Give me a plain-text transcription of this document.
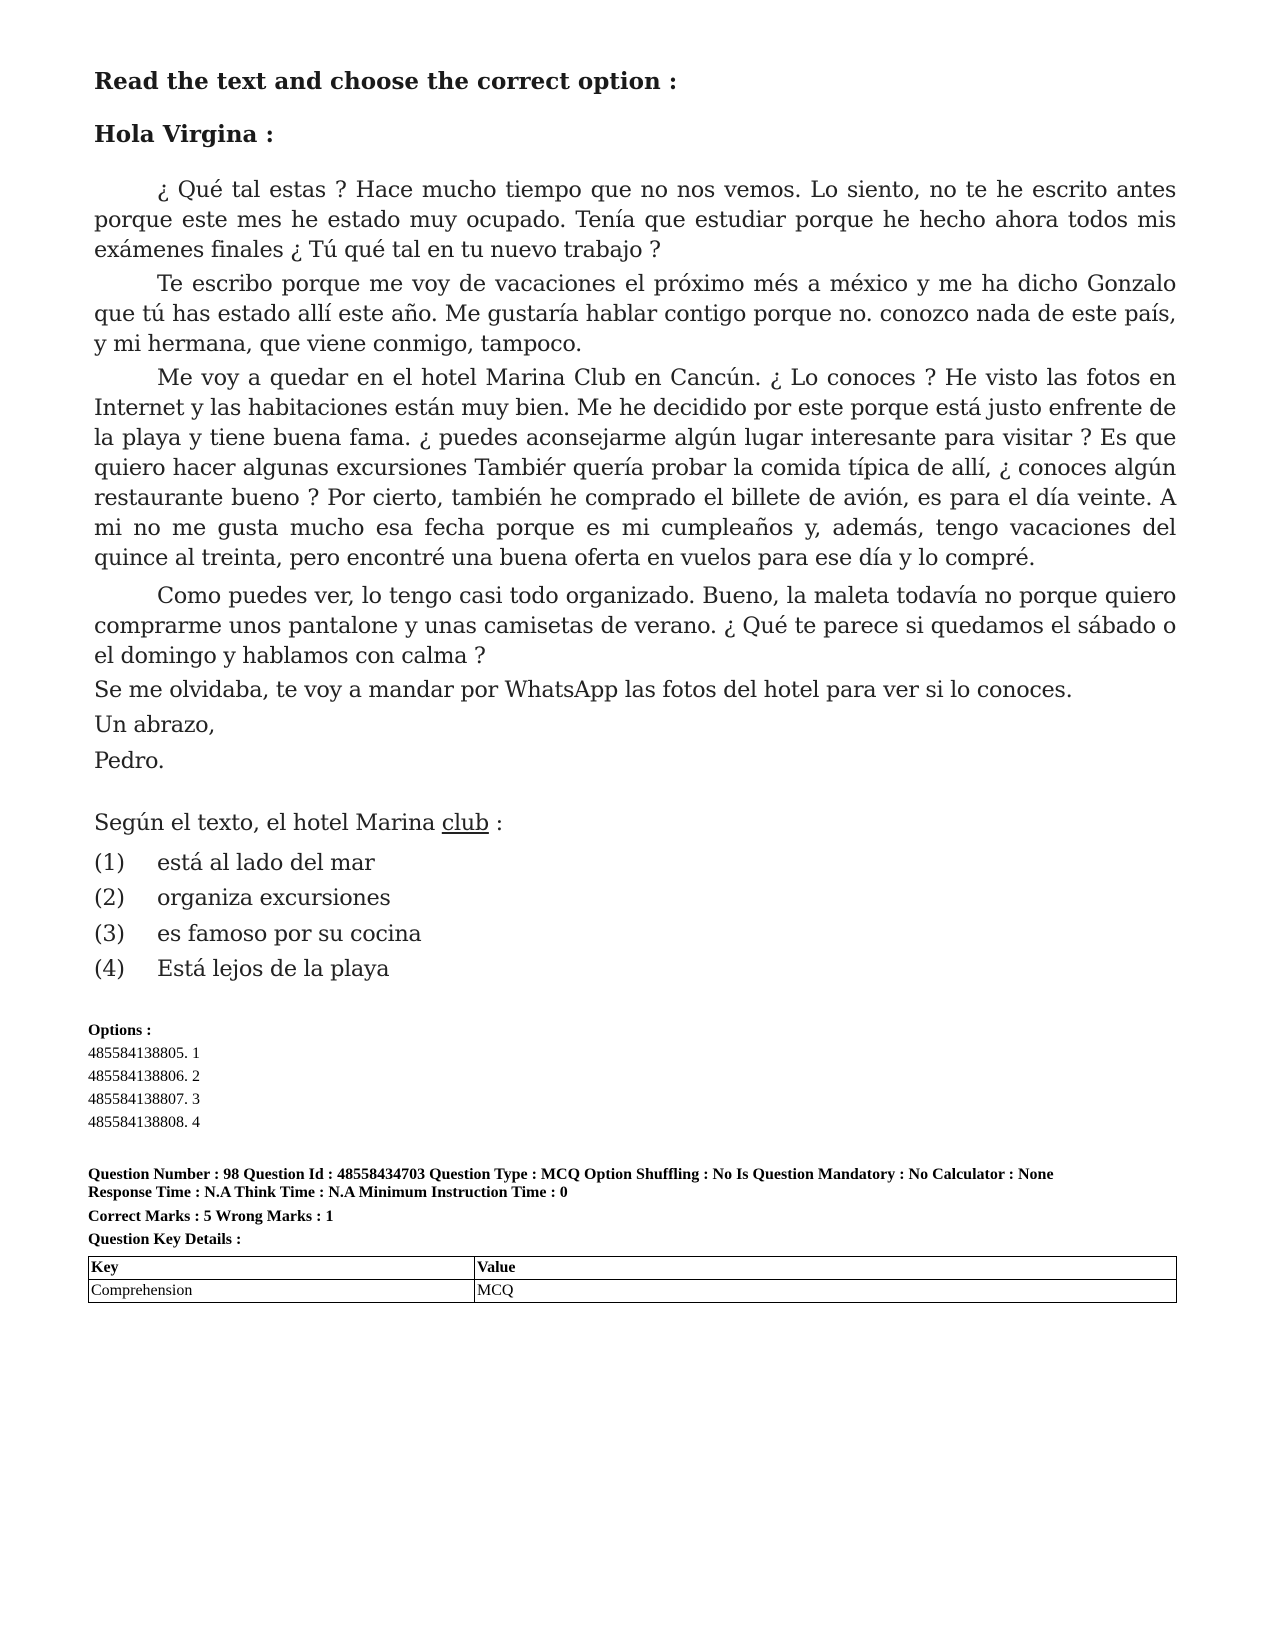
Read the text and choose the correct option :
Hola Virgina :

¿ Qué tal estas ? Hace mucho tiempo que no nos vemos. Lo siento, no te he escrito antes porque este mes he estado muy ocupado. Tenía que estudiar porque he hecho ahora todos mis exámenes finales ¿ Tú qué tal en tu nuevo trabajo ?

Te escribo porque me voy de vacaciones el próximo més a méxico y me ha dicho Gonzalo que tú has estado allí este año. Me gustaría hablar contigo porque no. conozco nada de este país, y mi hermana, que viene conmigo, tampoco.

Me voy a quedar en el hotel Marina Club en Cancún. ¿ Lo conoces ? He visto las fotos en Internet y las habitaciones están muy bien. Me he decidido por este porque está justo enfrente de la playa y tiene buena fama. ¿ puedes aconsejarme algún lugar interesante para visitar ? Es que quiero hacer algunas excursiones Tambiér quería probar la comida típica de allí, ¿ conoces algún restaurante bueno ? Por cierto, también he comprado el billete de avión, es para el día veinte. A mi no me gusta mucho esa fecha porque es mi cumpleaños y, además, tengo vacaciones del quince al treinta, pero encontré una buena oferta en vuelos para ese día y lo compré.

Como puedes ver, lo tengo casi todo organizado. Bueno, la maleta todavía no porque quiero comprarme unos pantalone y unas camisetas de verano. ¿ Qué te parece si quedamos el sábado o el domingo y hablamos con calma ?

Se me olvidaba, te voy a mandar por WhatsApp las fotos del hotel para ver si lo conoces.
Un abrazo,
Pedro.
Según el texto, el hotel Marina club :
(1) está al lado del mar
(2) organiza excursiones
(3) es famoso por su cocina
(4) Está lejos de la playa
Options :
485584138805. 1
485584138806. 2
485584138807. 3
485584138808. 4
Question Number : 98 Question Id : 48558434703 Question Type : MCQ Option Shuffling : No Is Question Mandatory : No Calculator : None
Response Time : N.A Think Time : N.A Minimum Instruction Time : 0
Correct Marks : 5 Wrong Marks : 1
Question Key Details :
Key	Value
Comprehension	MCQ
